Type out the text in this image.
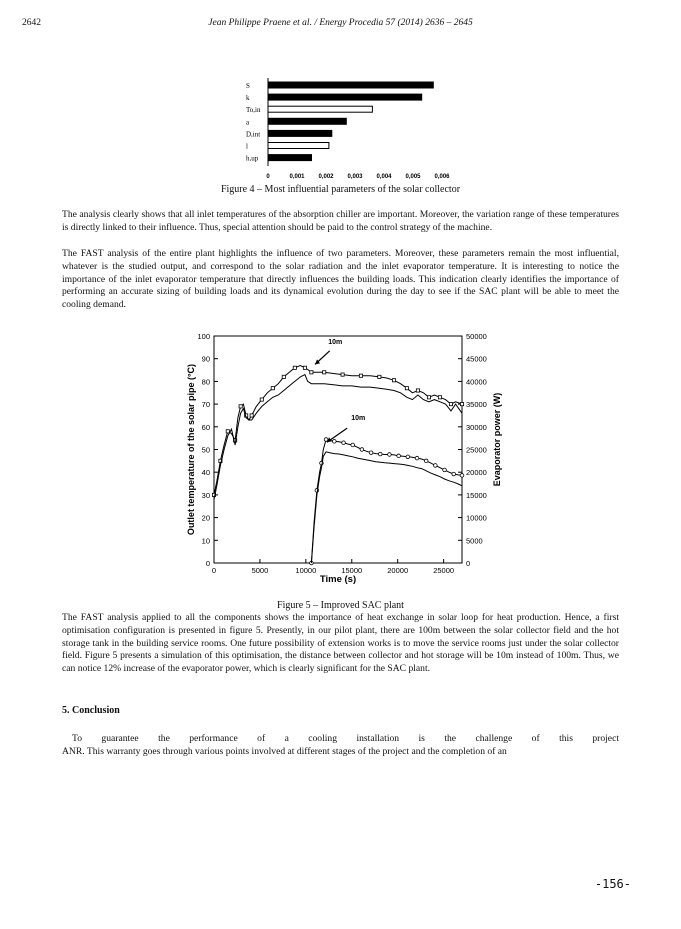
2642	Jean Philippe Praene et al. / Energy Procedia 57 (2014) 2636 – 2645
S
k
To,in
a
D,int
l
h,up
0	0,001 0,002 0,003 0,004 0,005 0,006
Figure 4 – Most influential parameters of the solar collector

The analysis clearly shows that all inlet temperatures of the absorption chiller are important. Moreover, the variation range of these temperatures is directly linked to their influence. Thus, special attention should be paid to the control strategy of the machine.

The FAST analysis of the entire plant highlights the influence of two parameters. Moreover, these parameters remain the most influential, whatever is the studied output, and correspond to the solar radiation and the inlet evaporator temperature. It is interesting to notice the importance of the inlet evaporator temperature that directly influences the building loads. This indication clearly identifies the importance of performing an accurate sizing of building loads and its dynamical evolution during the day to see if the SAC plant will be able to meet the cooling demand.

0
10
20
30
40
50
60
70
80
90
100
0
5000
10000
15000
20000
25000
30000
35000
40000
45000
50000
0	5000	10000	15000	20000	25000
Time (s)
Outlet temperature of the solar pipe (°C)	Evaporator power (W)
10m
10m
Figure 5 – Improved SAC plant

The FAST analysis applied to all the components shows the importance of heat exchange in solar loop for heat production. Hence, a first optimisation configuration is presented in figure 5. Presently, in our pilot plant, there are 100m between the solar collector field and the hot storage tank in the building service rooms. One future possibility of extension works is to move the service rooms just under the solar collector field. Figure 5 presents a simulation of this optimisation, the distance between collector and hot storage will be 10m instead of 100m. Thus, we can notice 12% increase of the evaporator power, which is clearly significant for the SAC plant.

5. Conclusion
To guarantee the performance of a cooling installation is the challenge of this project
ANR. This warranty goes through various points involved at different stages of the project and the completion of an
-156-
